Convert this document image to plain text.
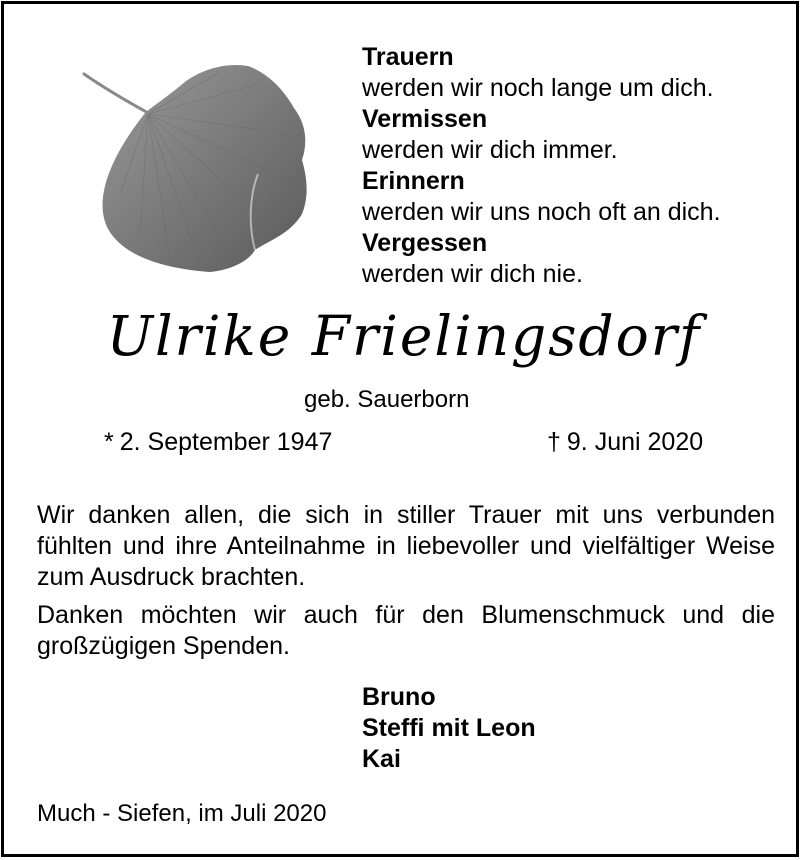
Trauern
werden wir noch lange um dich.
Vermissen
werden wir dich immer.
Erinnern
werden wir uns noch oft an dich.
Vergessen
werden wir dich nie.
Ulrike Frielingsdorf
geb. Sauerborn
* 2. September 1947	† 9. Juni 2020
Wir danken allen, die sich in stiller Trauer mit uns verbunden fühlten und ihre Anteilnahme in liebevoller und vielfältiger Weise zum Ausdruck brachten.
Danken möchten wir auch für den Blumenschmuck und die großzügigen Spenden.
Bruno
Steffi mit Leon
Kai
Much - Siefen, im Juli 2020
